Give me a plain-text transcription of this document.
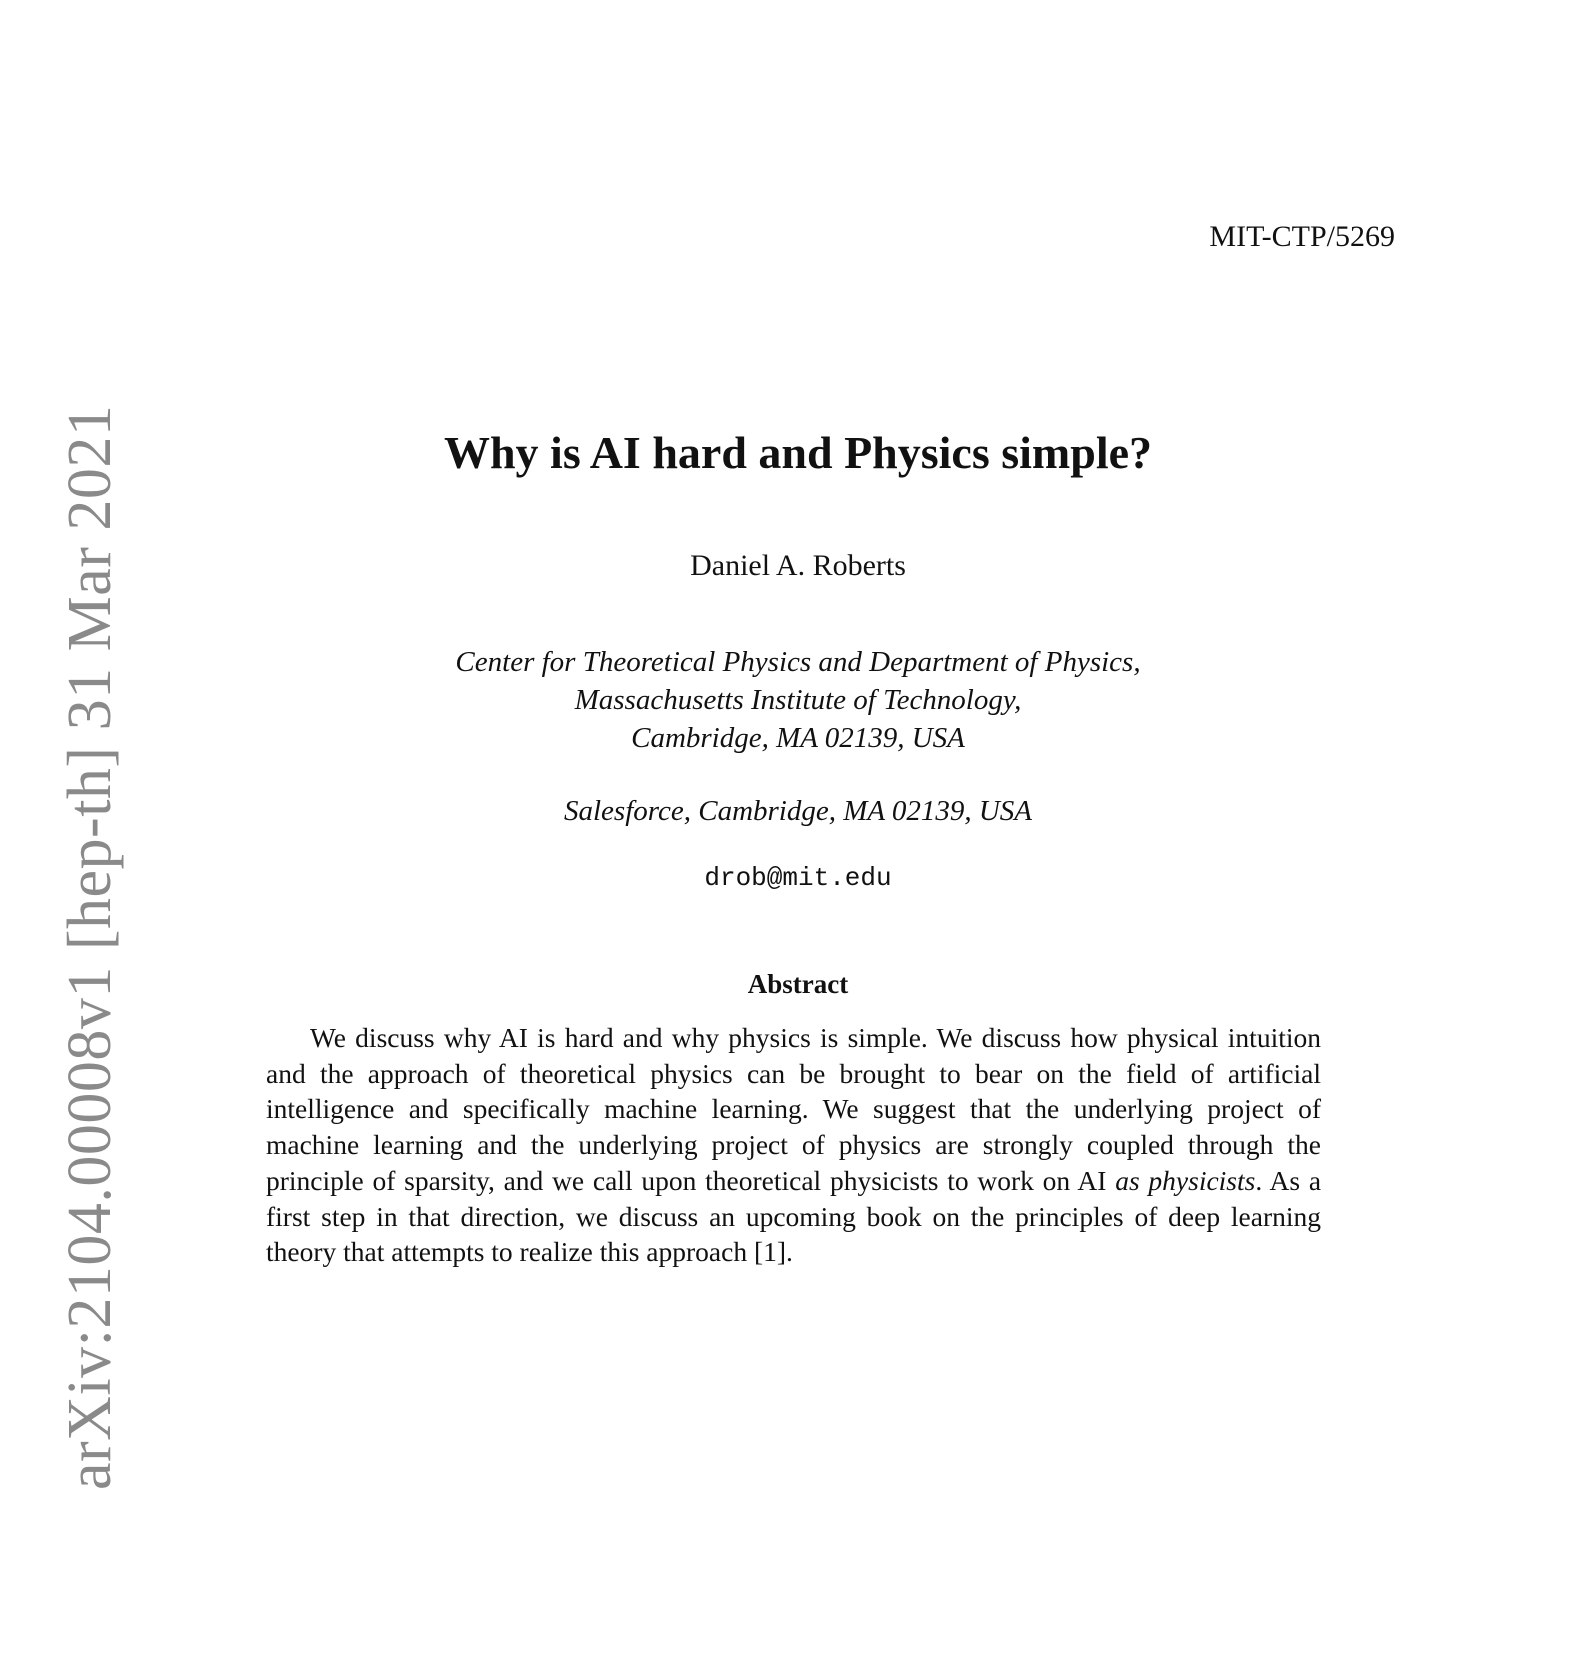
arXiv:2104.00008v1 [hep-th] 31 Mar 2021
MIT-CTP/5269
Why is AI hard and Physics simple?
Daniel A. Roberts
Center for Theoretical Physics and Department of Physics,
Massachusetts Institute of Technology,
Cambridge, MA 02139, USA
Salesforce, Cambridge, MA 02139, USA
drob@mit.edu
Abstract

We discuss why AI is hard and why physics is simple. We discuss how physical intuition and the approach of theoretical physics can be brought to bear on the field of artificial intelligence and specifically machine learning. We suggest that the underlying project of machine learning and the underlying project of physics are strongly coupled through the principle of sparsity, and we call upon theoretical physicists to work on AI as physicists. As a first step in that direction, we discuss an upcoming book on the principles of deep learning theory that attempts to realize this approach [1].
